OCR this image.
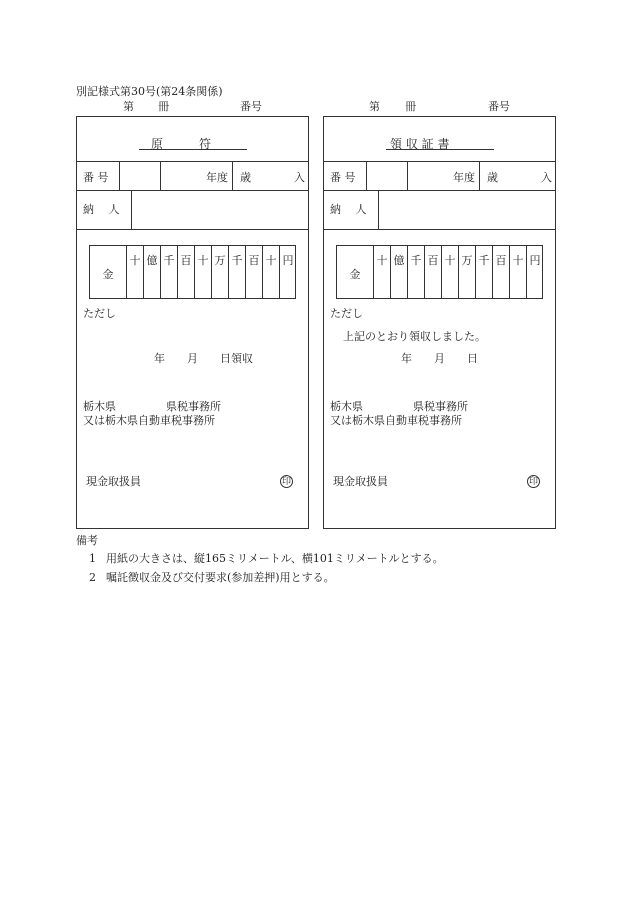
別記様式第30号(第24条関係)
第 冊	番号	第 冊	番号
原　　　符
番 号	年度 歳	入
納　 人
金
十 億 千 百 十 万 千 百 十 円
ただし
年　　月　　日領収
栃木県	県税事務所
又は栃木県自動車税事務所
現金取扱員	印
領 収 証 書
番 号	年度 歳	入
納　 人
金
十 億 千 百 十 万 千 百 十 円
ただし
上記のとおり領収しました。
年　　月　　日
栃木県	県税事務所
又は栃木県自動車税事務所
現金取扱員	印
備考
1 用紙の大きさは、縦165ミリメートル、横101ミリメートルとする。
2 嘱託徴収金及び交付要求(参加差押)用とする。
